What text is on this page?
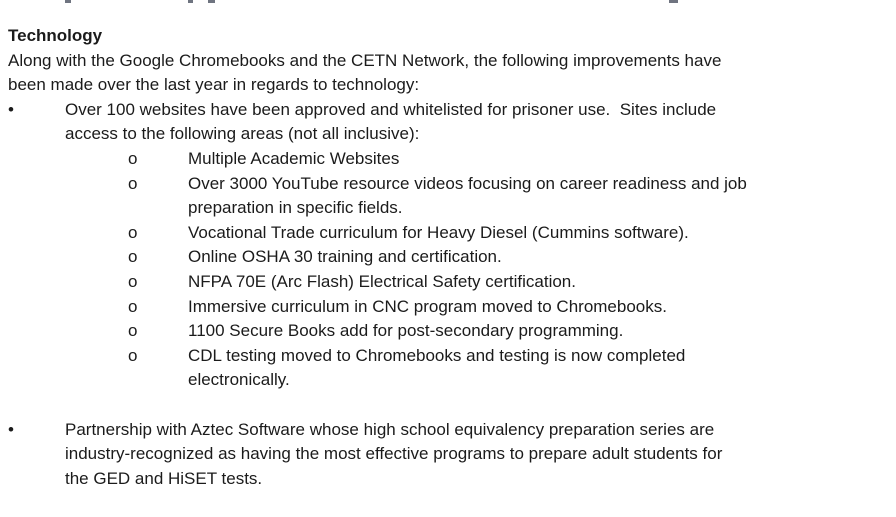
Technology
Along with the Google Chromebooks and the CETN Network, the following improvements have
been made over the last year in regards to technology:
•	Over 100 websites have been approved and whitelisted for prisoner use.  Sites include
access to the following areas (not all inclusive):
o	Multiple Academic Websites
o	Over 3000 YouTube resource videos focusing on career readiness and job
preparation in specific fields.
o	Vocational Trade curriculum for Heavy Diesel (Cummins software).
o	Online OSHA 30 training and certification.
o	NFPA 70E (Arc Flash) Electrical Safety certification.
o	Immersive curriculum in CNC program moved to Chromebooks.
o	1100 Secure Books add for post-secondary programming.
o	CDL testing moved to Chromebooks and testing is now completed
electronically.
•	Partnership with Aztec Software whose high school equivalency preparation series are
industry-recognized as having the most effective programs to prepare adult students for
the GED and HiSET tests.
